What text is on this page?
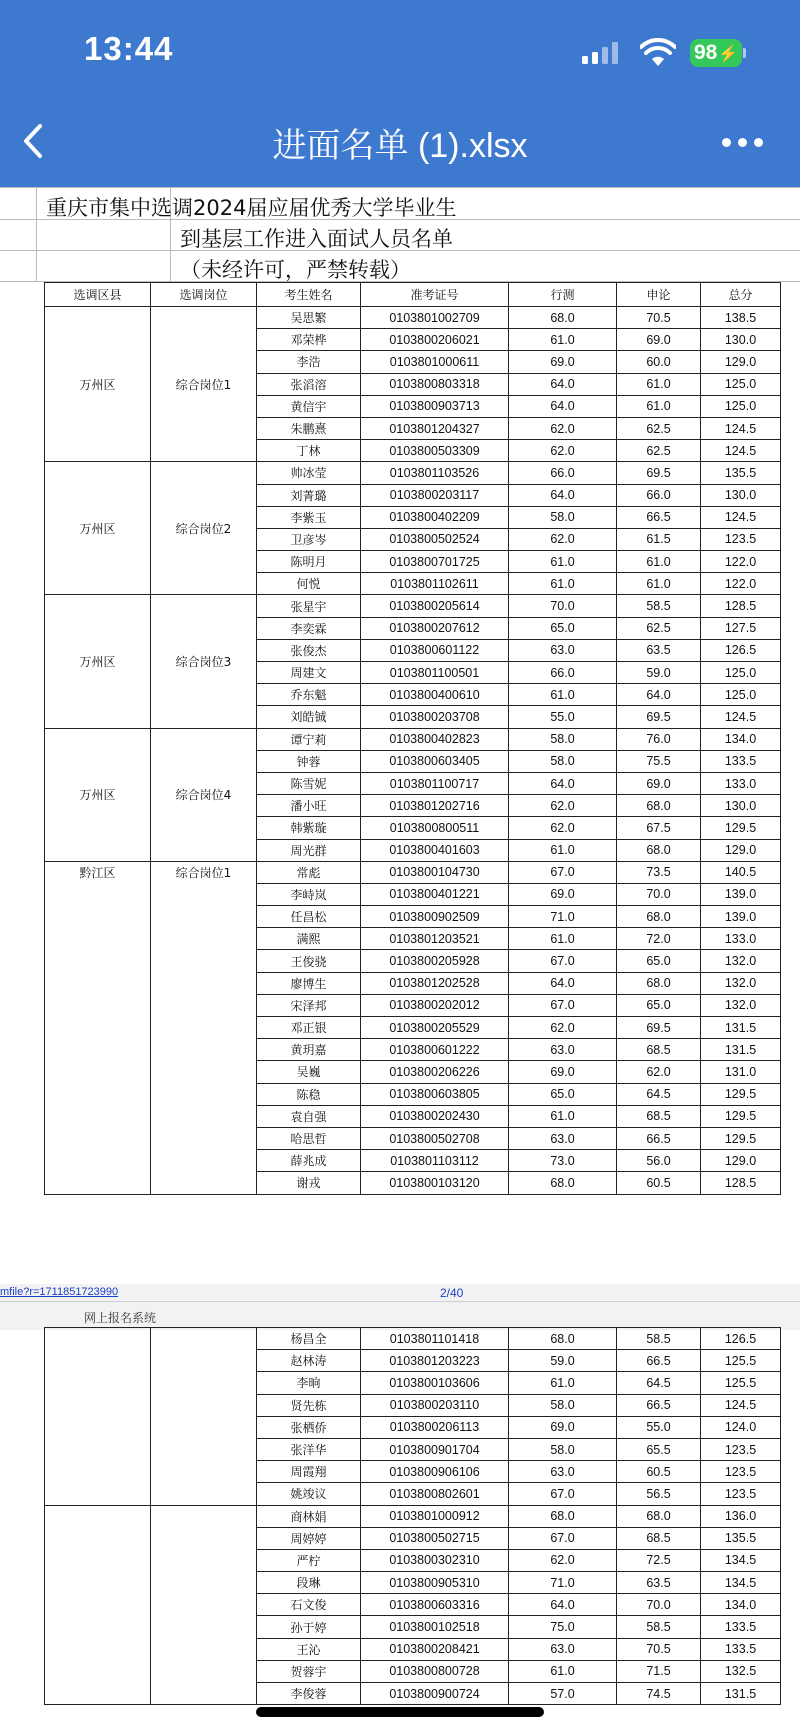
13:44	98⚡
进面名单 (1).xlsx
重庆市集中选调2024届应届优秀大学毕业生
到基层工作进入面试人员名单
（未经许可，严禁转载）
选调区县	选调岗位	考生姓名	准考证号	行测	申论	总分
万州区	综合岗位1	吴思繁	0103801002709	68.0	70.5	138.5
		邓荣桦	0103800206021	61.0	69.0	130.0
		李浩	0103801000611	69.0	60.0	129.0
		张滔溶	0103800803318	64.0	61.0	125.0
		黄信宇	0103800903713	64.0	61.0	125.0
		朱鹏熹	0103801204327	62.0	62.5	124.5
		丁林	0103800503309	62.0	62.5	124.5
万州区	综合岗位2	帅冰莹	0103801103526	66.0	69.5	135.5
		刘菁璐	0103800203117	64.0	66.0	130.0
		李紫玉	0103800402209	58.0	66.5	124.5
		卫彦岑	0103800502524	62.0	61.5	123.5
		陈明月	0103800701725	61.0	61.0	122.0
		何悦	0103801102611	61.0	61.0	122.0
万州区	综合岗位3	张星宇	0103800205614	70.0	58.5	128.5
		李奕霖	0103800207612	65.0	62.5	127.5
		张俊杰	0103800601122	63.0	63.5	126.5
		周建文	0103801100501	66.0	59.0	125.0
		乔东魁	0103800400610	61.0	64.0	125.0
		刘皓铖	0103800203708	55.0	69.5	124.5
万州区	综合岗位4	谭宁莉	0103800402823	58.0	76.0	134.0
		钟蓉	0103800603405	58.0	75.5	133.5
		陈雪妮	0103801100717	64.0	69.0	133.0
		潘小旺	0103801202716	62.0	68.0	130.0
		韩紫璇	0103800800511	62.0	67.5	129.5
		周光群	0103800401603	61.0	68.0	129.0
黔江区	综合岗位1	常彪	0103800104730	67.0	73.5	140.5
		李峙岚	0103800401221	69.0	70.0	139.0
		任昌松	0103800902509	71.0	68.0	139.0
		满熙	0103801203521	61.0	72.0	133.0
		王俊骁	0103800205928	67.0	65.0	132.0
		廖博生	0103801202528	64.0	68.0	132.0
		宋泽邦	0103800202012	67.0	65.0	132.0
		邓正银	0103800205529	62.0	69.5	131.5
		黄玥嘉	0103800601222	63.0	68.5	131.5
		吴巍	0103800206226	69.0	62.0	131.0
		陈稳	0103800603805	65.0	64.5	129.5
		袁自强	0103800202430	61.0	68.5	129.5
		哈思哲	0103800502708	63.0	66.5	129.5
		薛兆成	0103801103112	73.0	56.0	129.0
		谢戎	0103800103120	68.0	60.5	128.5
mfile?r=1711851723990	2/40
网上报名系统
		杨昌全	0103801101418	68.0	58.5	126.5
		赵林涛	0103801203223	59.0	66.5	125.5
		李晌	0103800103606	61.0	64.5	125.5
		贤先栋	0103800203110	58.0	66.5	124.5
		张栖侨	0103800206113	69.0	55.0	124.0
		张洋华	0103800901704	58.0	65.5	123.5
		周霞翔	0103800906106	63.0	60.5	123.5
		姚竣议	0103800802601	67.0	56.5	123.5
		商林娟	0103801000912	68.0	68.0	136.0
		周婷婷	0103800502715	67.0	68.5	135.5
		严柠	0103800302310	62.0	72.5	134.5
		段琳	0103800905310	71.0	63.5	134.5
		石文俊	0103800603316	64.0	70.0	134.0
		孙于婷	0103800102518	75.0	58.5	133.5
		王沁	0103800208421	63.0	70.5	133.5
		贺蓉宇	0103800800728	61.0	71.5	132.5
		李俊蓉	0103800900724	57.0	74.5	131.5
